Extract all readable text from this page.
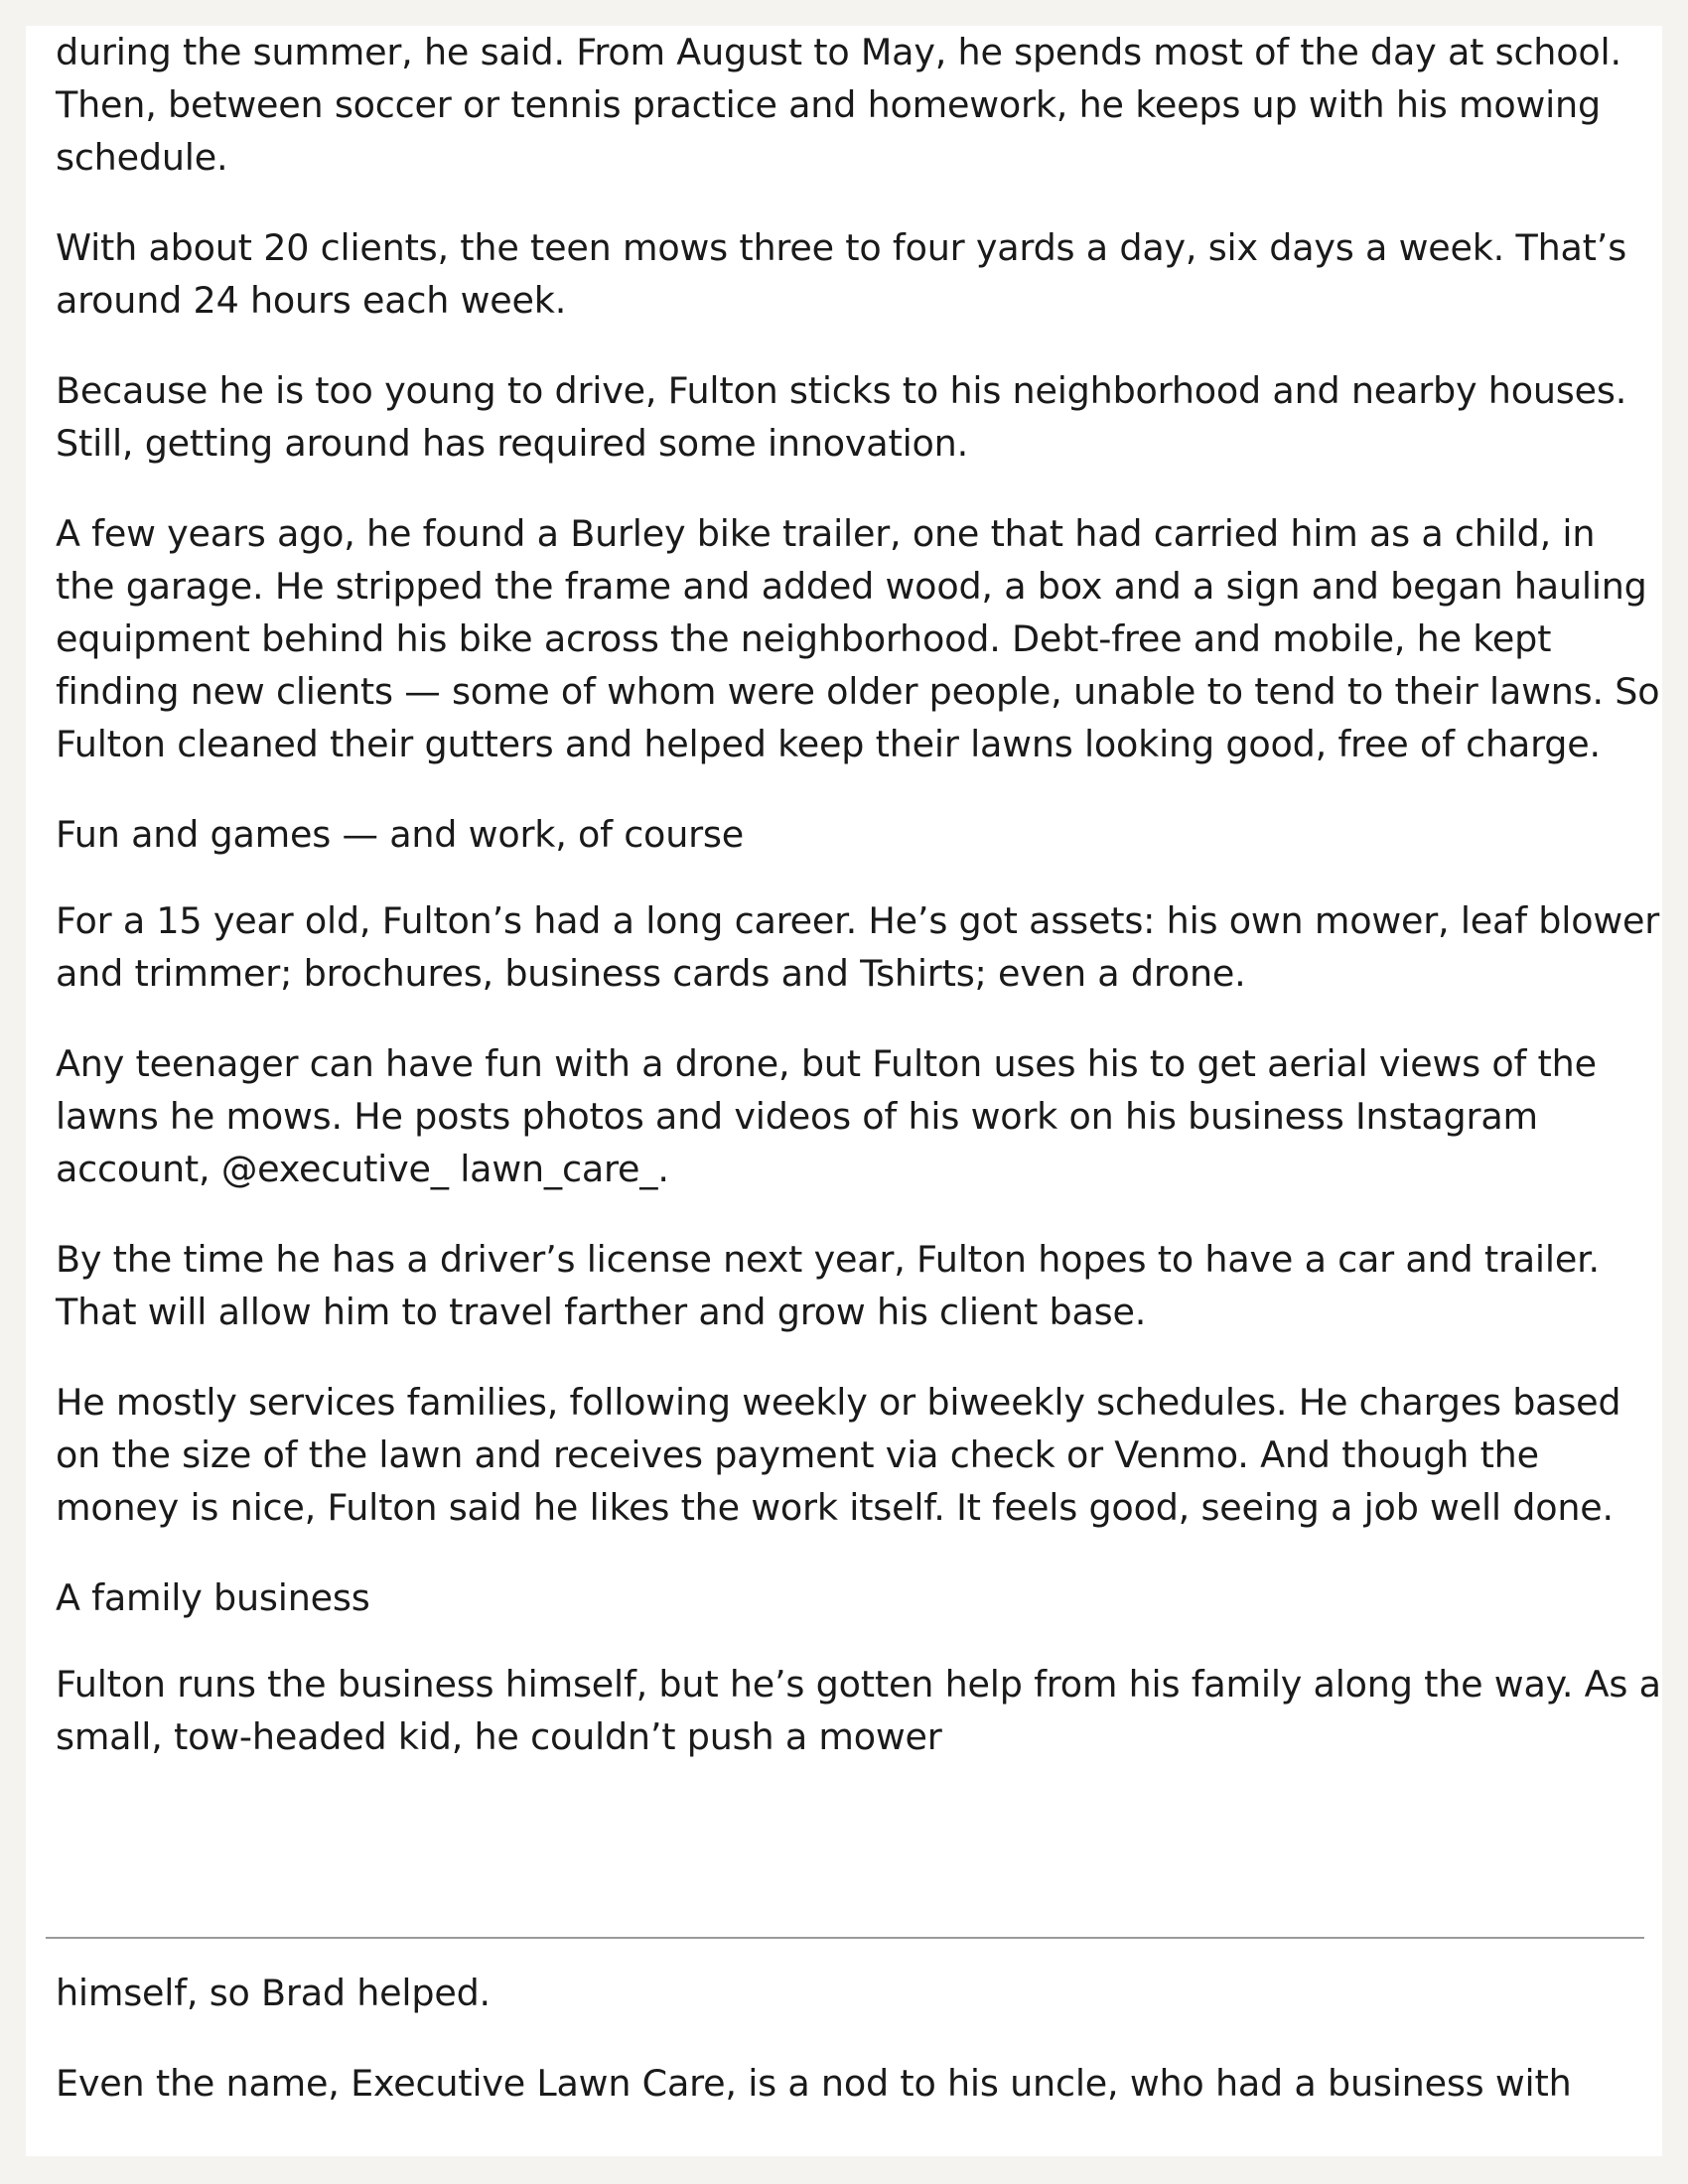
during the summer, he said. From August to May, he spends most of the day at school. Then, between soccer or tennis practice and homework, he keeps up with his mowing schedule.

With about 20 clients, the teen mows three to four yards a day, six days a week. That’s around 24 hours each week.

Because he is too young to drive, Fulton sticks to his neighborhood and nearby houses. Still, getting around has required some innovation.

A few years ago, he found a Burley bike trailer, one that had carried him as a child, in the garage. He stripped the frame and added wood, a box and a sign and began hauling equipment behind his bike across the neighborhood. Debt-free and mobile, he kept finding new clients — some of whom were older people, unable to tend to their lawns. So Fulton cleaned their gutters and helped keep their lawns looking good, free of charge.

Fun and games — and work, of course

For a 15 year old, Fulton’s had a long career. He’s got assets: his own mower, leaf blower and trimmer; brochures, business cards and Tshirts; even a drone.

Any teenager can have fun with a drone, but Fulton uses his to get aerial views of the lawns he mows. He posts photos and videos of his work on his business Instagram account, @executive_ lawn_care_.

By the time he has a driver’s license next year, Fulton hopes to have a car and trailer. That will allow him to travel farther and grow his client base.

He mostly services families, following weekly or biweekly schedules. He charges based on the size of the lawn and receives payment via check or Venmo. And though the money is nice, Fulton said he likes the work itself. It feels good, seeing a job well done.

A family business

Fulton runs the business himself, but he’s gotten help from his family along the way. As a small, tow-headed kid, he couldn’t push a mower

himself, so Brad helped.

Even the name, Executive Lawn Care, is a nod to his uncle, who had a business with
